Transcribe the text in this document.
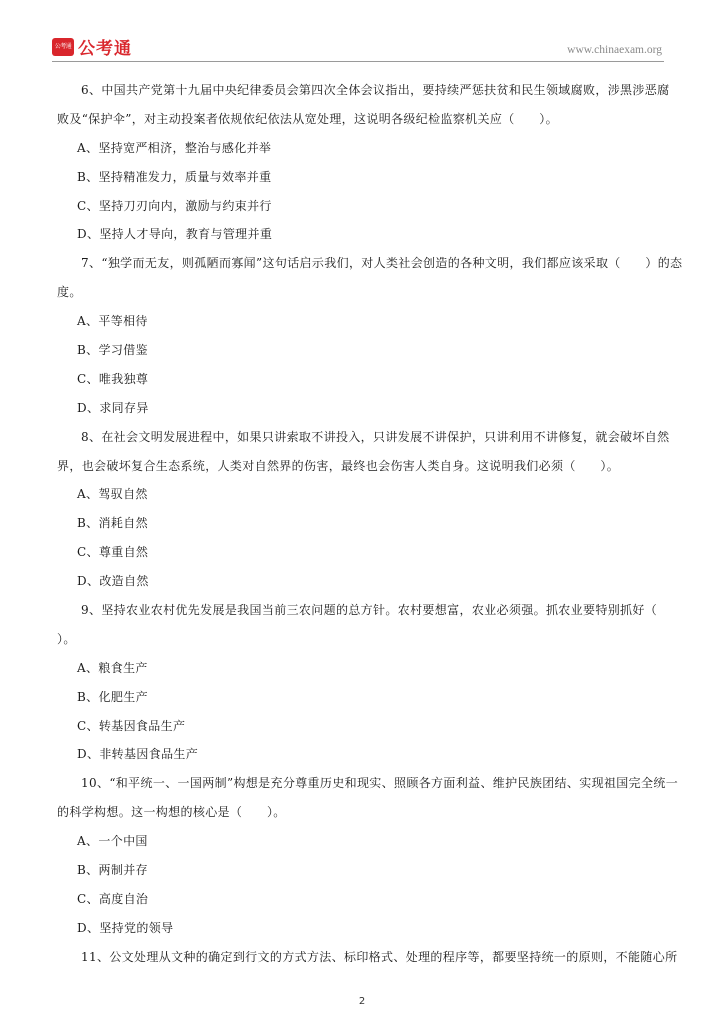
公考通 公考通	www.chinaexam.org
6、中国共产党第十九届中央纪律委员会第四次全体会议指出，要持续严惩扶贫和民生领域腐败，涉黑涉恶腐
败及“保护伞”，对主动投案者依规依纪依法从宽处理，这说明各级纪检监察机关应（　　）。
A、坚持宽严相济，整治与感化并举
B、坚持精准发力，质量与效率并重
C、坚持刀刃向内，激励与约束并行
D、坚持人才导向，教育与管理并重
7、“独学而无友，则孤陋而寡闻”这句话启示我们，对人类社会创造的各种文明，我们都应该采取（　　）的态
度。
A、平等相待
B、学习借鉴
C、唯我独尊
D、求同存异
8、在社会文明发展进程中，如果只讲索取不讲投入，只讲发展不讲保护，只讲利用不讲修复，就会破坏自然
界，也会破坏复合生态系统，人类对自然界的伤害，最终也会伤害人类自身。这说明我们必须（　　）。
A、驾驭自然
B、消耗自然
C、尊重自然
D、改造自然
9、坚持农业农村优先发展是我国当前三农问题的总方针。农村要想富，农业必须强。抓农业要特别抓好（
）。
A、粮食生产
B、化肥生产
C、转基因食品生产
D、非转基因食品生产
10、“和平统一、一国两制”构想是充分尊重历史和现实、照顾各方面利益、维护民族团结、实现祖国完全统一
的科学构想。这一构想的核心是（　　）。
A、一个中国
B、两制并存
C、高度自治
D、坚持党的领导
11、公文处理从文种的确定到行文的方式方法、标印格式、处理的程序等，都要坚持统一的原则，不能随心所
2
